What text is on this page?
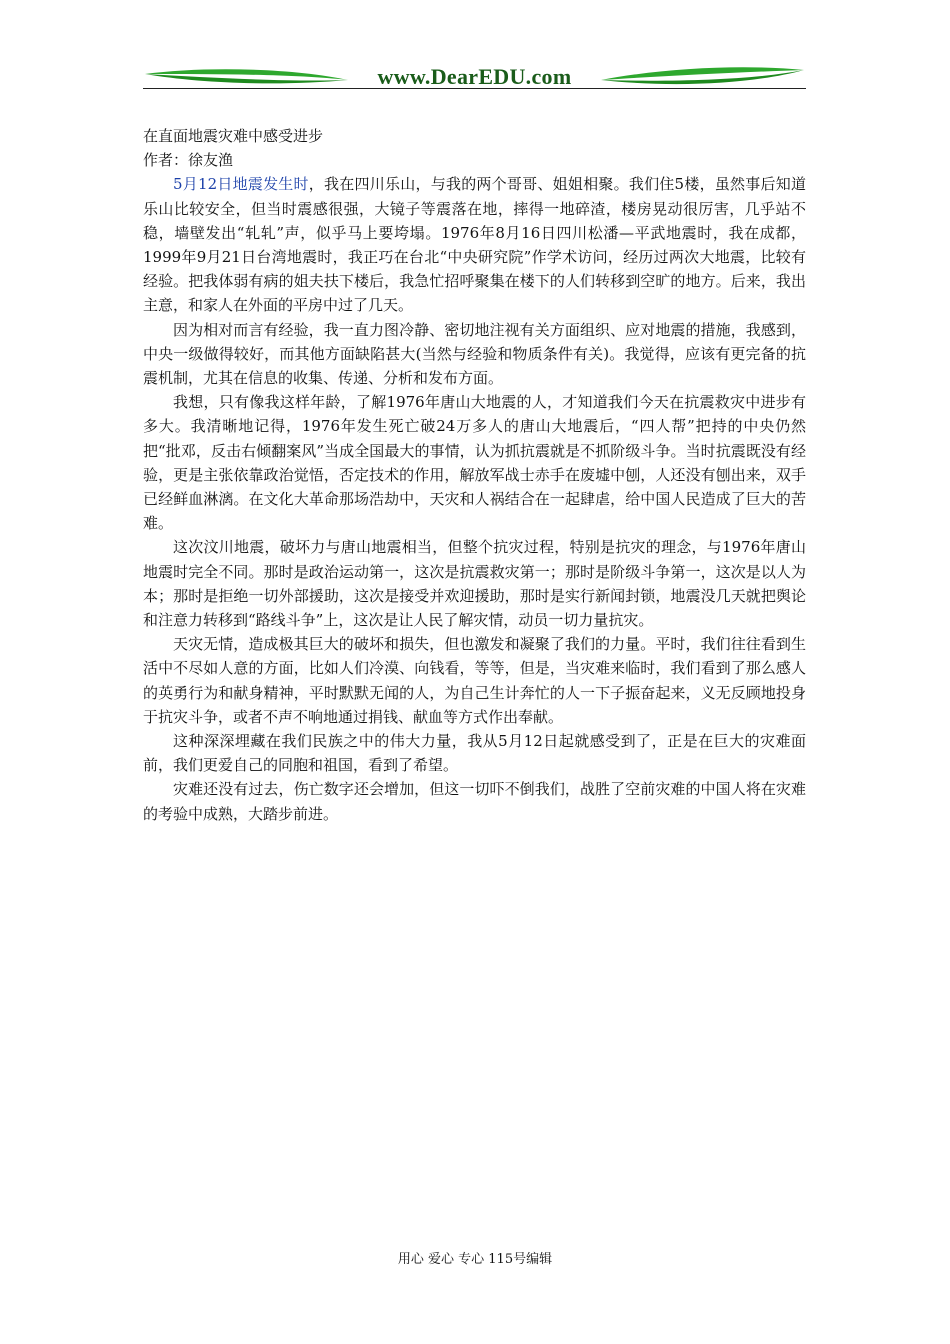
www.DearEDU.com

在直面地震灾难中感受进步

作者：徐友渔

5月12日地震发生时，我在四川乐山，与我的两个哥哥、姐姐相聚。我们住5楼，虽然事后知道乐山比较安全，但当时震感很强，大镜子等震落在地，摔得一地碎渣，楼房晃动很厉害，几乎站不稳，墙壁发出“轧轧”声，似乎马上要垮塌。1976年8月16日四川松潘—平武地震时，我在成都，1999年9月21日台湾地震时，我正巧在台北“中央研究院”作学术访问，经历过两次大地震，比较有经验。把我体弱有病的姐夫扶下楼后，我急忙招呼聚集在楼下的人们转移到空旷的地方。后来，我出主意，和家人在外面的平房中过了几天。

因为相对而言有经验，我一直力图冷静、密切地注视有关方面组织、应对地震的措施，我感到，中央一级做得较好，而其他方面缺陷甚大(当然与经验和物质条件有关)。我觉得，应该有更完备的抗震机制，尤其在信息的收集、传递、分析和发布方面。

我想，只有像我这样年龄，了解1976年唐山大地震的人，才知道我们今天在抗震救灾中进步有多大。我清晰地记得，1976年发生死亡破24万多人的唐山大地震后，“四人帮”把持的中央仍然把“批邓，反击右倾翻案风”当成全国最大的事情，认为抓抗震就是不抓阶级斗争。当时抗震既没有经验，更是主张依靠政治觉悟，否定技术的作用，解放军战士赤手在废墟中刨，人还没有刨出来，双手已经鲜血淋漓。在文化大革命那场浩劫中，天灾和人祸结合在一起肆虐，给中国人民造成了巨大的苦难。

这次汶川地震，破坏力与唐山地震相当，但整个抗灾过程，特别是抗灾的理念，与1976年唐山地震时完全不同。那时是政治运动第一，这次是抗震救灾第一；那时是阶级斗争第一，这次是以人为本；那时是拒绝一切外部援助，这次是接受并欢迎援助，那时是实行新闻封锁，地震没几天就把舆论和注意力转移到“路线斗争”上，这次是让人民了解灾情，动员一切力量抗灾。

天灾无情，造成极其巨大的破坏和损失，但也激发和凝聚了我们的力量。平时，我们往往看到生活中不尽如人意的方面，比如人们冷漠、向钱看，等等，但是，当灾难来临时，我们看到了那么感人的英勇行为和献身精神，平时默默无闻的人，为自己生计奔忙的人一下子振奋起来，义无反顾地投身于抗灾斗争，或者不声不响地通过捐钱、献血等方式作出奉献。

这种深深埋藏在我们民族之中的伟大力量，我从5月12日起就感受到了，正是在巨大的灾难面前，我们更爱自己的同胞和祖国，看到了希望。

灾难还没有过去，伤亡数字还会增加，但这一切吓不倒我们，战胜了空前灾难的中国人将在灾难的考验中成熟，大踏步前进。

用心 爱心 专心 115号编辑
